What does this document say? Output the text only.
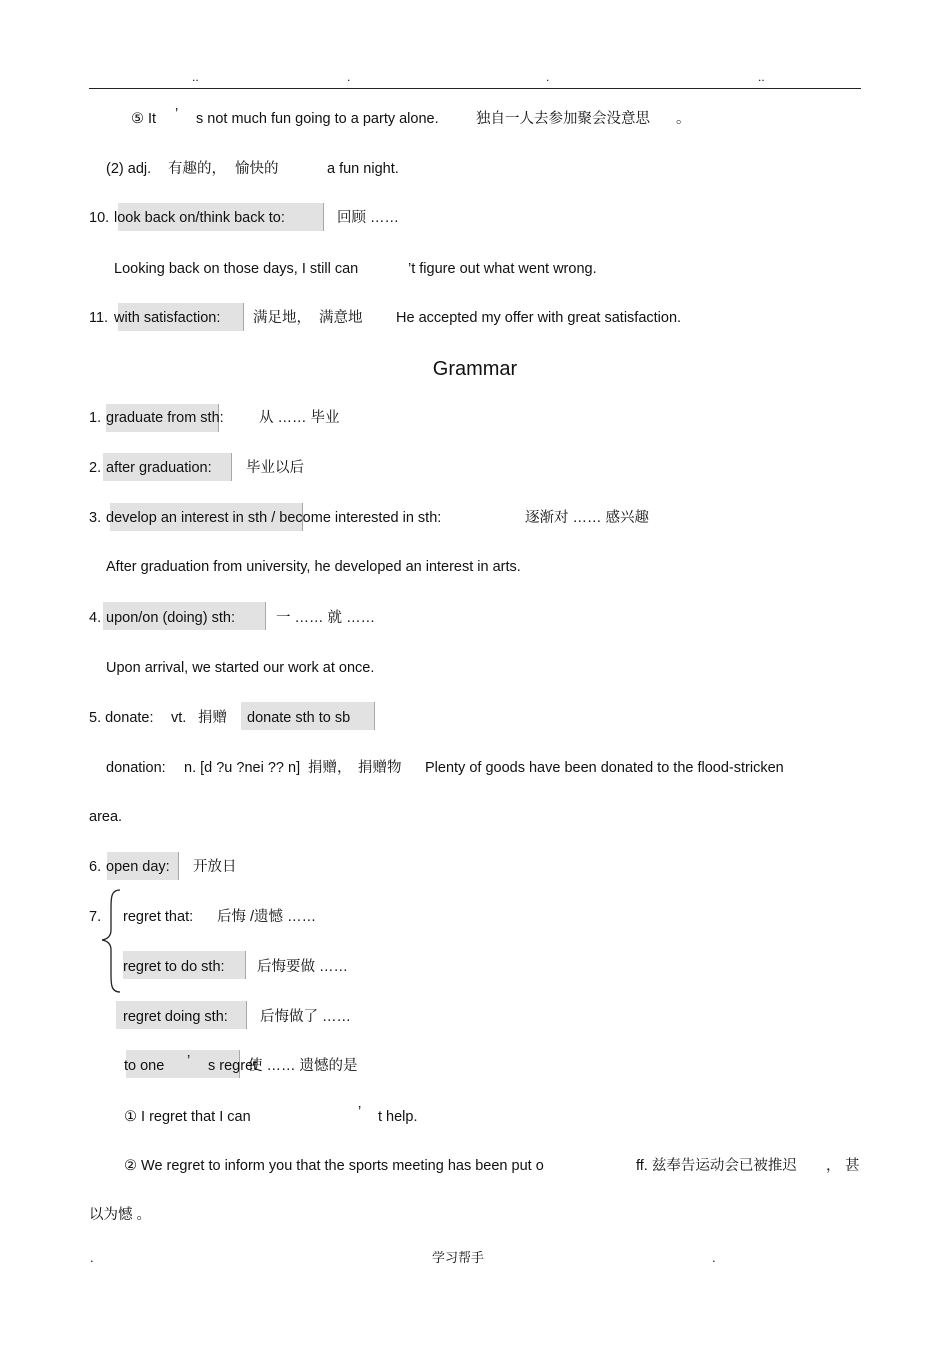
..	.	.	..
⑤ It ’ s not much fun going to a party alone.	独自一人去参加聚会没意思 。
(2) adj. 有趣的， 愉快的	a fun night.
10. look back on/think back to:	回顾 ……
Looking back on those days, I still can	’t figure out what went wrong.
11. with satisfaction: 满足地， 满意地 He accepted my offer with great satisfaction.
Grammar
1. graduate from sth: 从 …… 毕业
2. after graduation: 毕业以后
3. develop an interest in sth / become interested in sth:	逐渐对 …… 感兴趣
After graduation from university, he developed an interest in arts.
4. upon/on (doing) sth:	一 …… 就 ……
Upon arrival, we started our work at once.
5. donate: vt. 捐赠 donate sth to sb
donation: n. [d ?u ?nei ?? n] 捐赠， 捐赠物 Plenty of goods have been donated to the flood-stricken
area.
6. open day: 开放日
7. regret that: 后悔 /遗憾 ……
regret to do sth: 后悔要做 ……
regret doing sth: 后悔做了 ……
to one ’ s regret
使 …… 遗憾的是
① I regret that I can	’ t help.
② We regret to inform you that the sports meeting has been put o	ff. 兹奉告运动会已被推迟 ， 甚
以为憾 。
.	学习帮手	.
